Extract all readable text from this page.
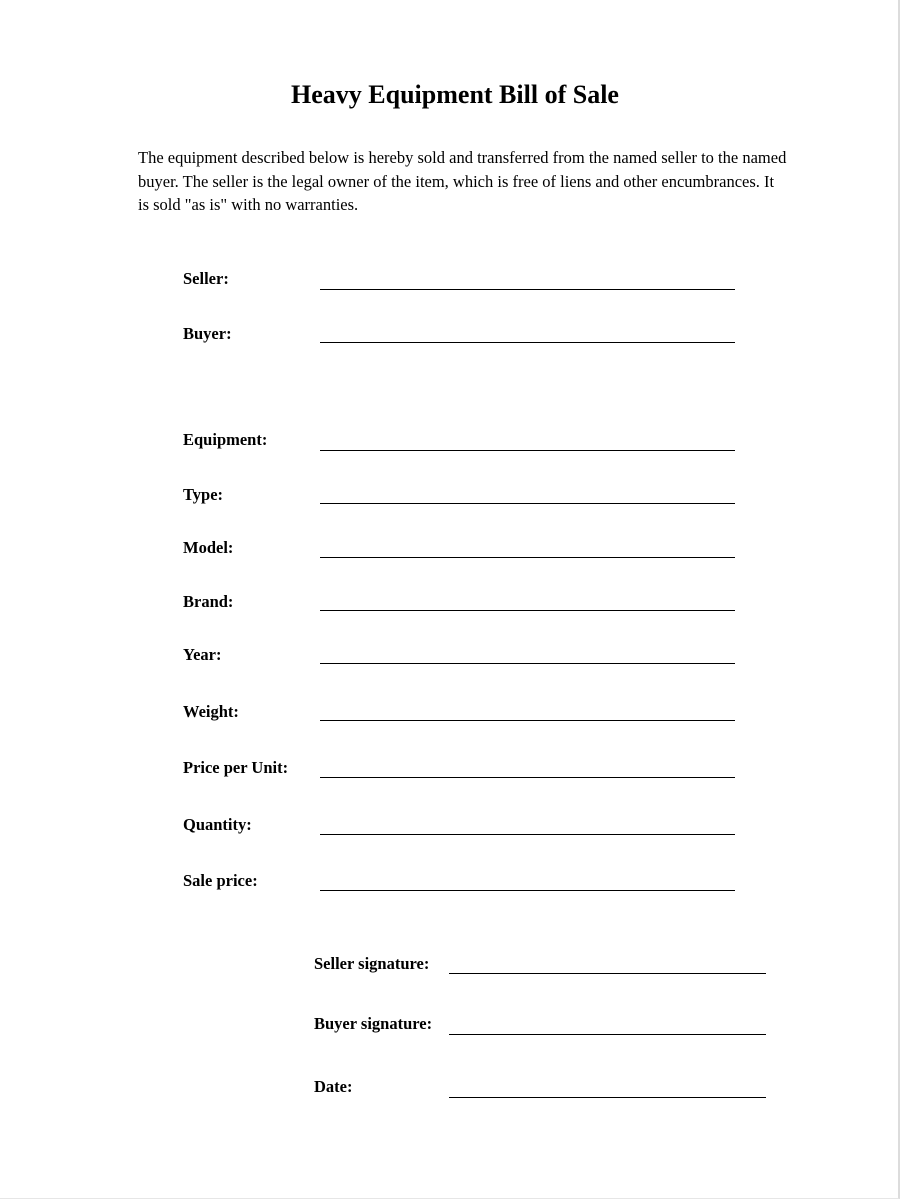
Heavy Equipment Bill of Sale
The equipment described below is hereby sold and transferred from the named seller to the named buyer. The seller is the legal owner of the item, which is free of liens and other encumbrances. It is sold "as is" with no warranties.
Seller:
Buyer:
Equipment:
Type:
Model:
Brand:
Year:
Weight:
Price per Unit:
Quantity:
Sale price:
Seller signature:
Buyer signature:
Date:
